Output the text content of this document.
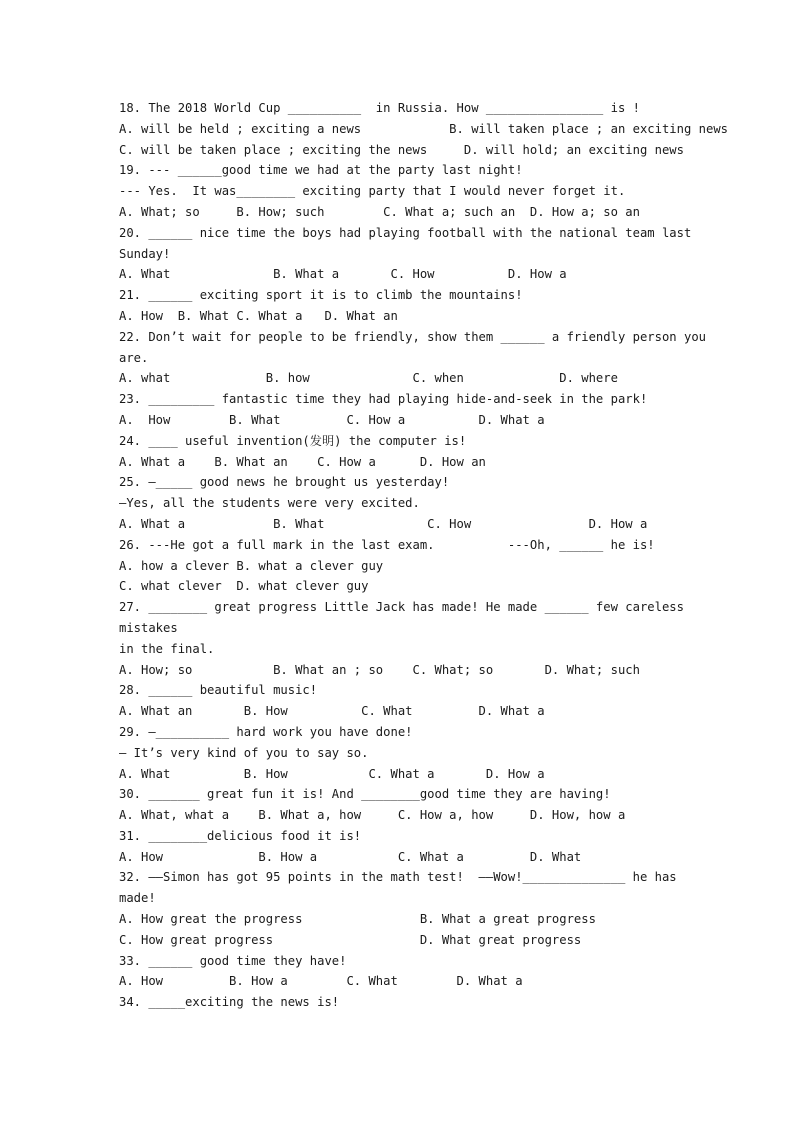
18. The 2018 World Cup __________  in Russia. How ________________ is !
A. will be held ; exciting a news            B. will taken place ; an exciting news
C. will be taken place ; exciting the news     D. will hold; an exciting news
19. --- ______good time we had at the party last night!
--- Yes.  It was________ exciting party that I would never forget it.
A. What; so     B. How; such        C. What a; such an  D. How a; so an
20. ______ nice time the boys had playing football with the national team last
Sunday!
A. What              B. What a       C. How          D. How a
21. ______ exciting sport it is to climb the mountains!
A. How  B. What C. What a   D. What an
22. Don’t wait for people to be friendly, show them ______ a friendly person you
are.
A. what             B. how              C. when             D. where
23. _________ fantastic time they had playing hide-and-seek in the park!
A.  How        B. What         C. How a          D. What a
24. ____ useful invention(发明) the computer is!
A. What a    B. What an    C. How a      D. How an
25. —_____ good news he brought us yesterday!
—Yes, all the students were very excited.
A. What a            B. What              C. How                D. How a
26. ---He got a full mark in the last exam.          ---Oh, ______ he is!
A. how a clever B. what a clever guy
C. what clever  D. what clever guy
27. ________ great progress Little Jack has made! He made ______ few careless
mistakes
in the final.
A. How; so           B. What an ; so    C. What; so       D. What; such
28. ______ beautiful music!
A. What an       B. How          C. What         D. What a
29. —__________ hard work you have done!
— It’s very kind of you to say so.
A. What          B. How           C. What a       D. How a
30. _______ great fun it is! And ________good time they are having!
A. What, what a    B. What a, how     C. How a, how     D. How, how a
31. ________delicious food it is!
A. How             B. How a           C. What a         D. What
32. ——Simon has got 95 points in the math test!  ——Wow!______________ he has
made!
A. How great the progress                B. What a great progress
C. How great progress                    D. What great progress
33. ______ good time they have!
A. How         B. How a        C. What        D. What a
34. _____exciting the news is!
